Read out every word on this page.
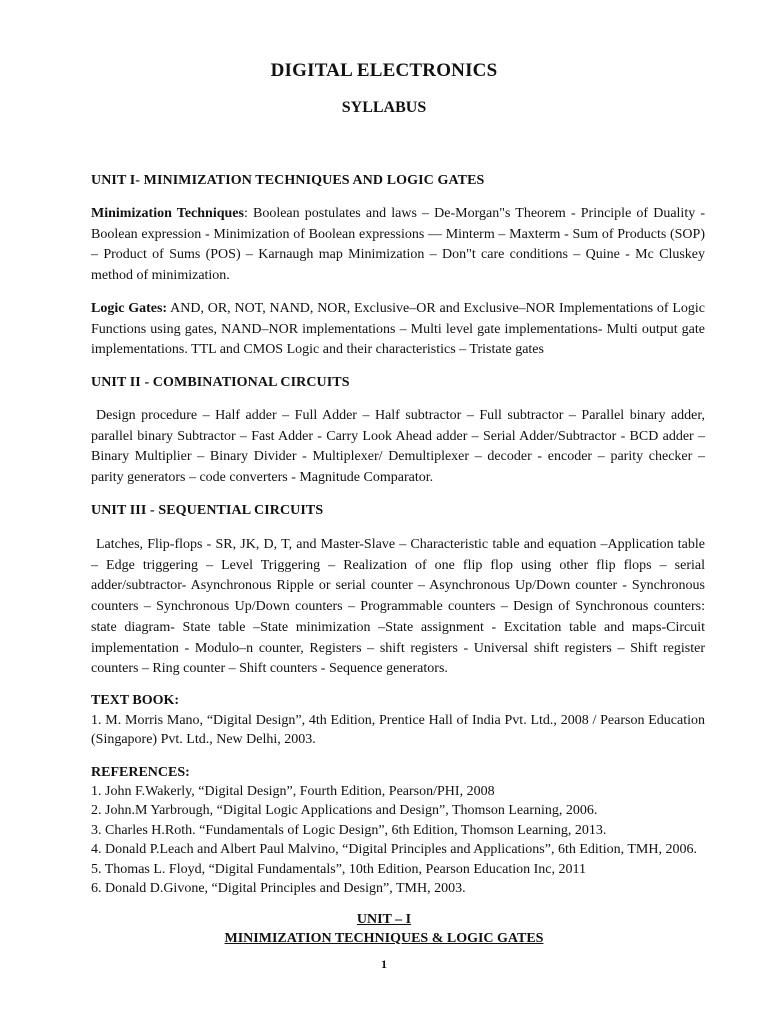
DIGITAL ELECTRONICS
SYLLABUS
UNIT I- MINIMIZATION TECHNIQUES AND LOGIC GATES
Minimization Techniques: Boolean postulates and laws – De-Morgan"s Theorem - Principle of Duality - Boolean expression - Minimization of Boolean expressions –– Minterm – Maxterm - Sum of Products (SOP) – Product of Sums (POS) – Karnaugh map Minimization – Don"t care conditions – Quine - Mc Cluskey method of minimization.
Logic Gates: AND, OR, NOT, NAND, NOR, Exclusive–OR and Exclusive–NOR Implementations of Logic Functions using gates, NAND–NOR implementations – Multi level gate implementations- Multi output gate implementations. TTL and CMOS Logic and their characteristics – Tristate gates
UNIT II - COMBINATIONAL CIRCUITS
Design procedure – Half adder – Full Adder – Half subtractor – Full subtractor – Parallel binary adder, parallel binary Subtractor – Fast Adder - Carry Look Ahead adder – Serial Adder/Subtractor - BCD adder – Binary Multiplier – Binary Divider - Multiplexer/ Demultiplexer – decoder - encoder – parity checker – parity generators – code converters - Magnitude Comparator.
UNIT III - SEQUENTIAL CIRCUITS
Latches, Flip-flops - SR, JK, D, T, and Master-Slave – Characteristic table and equation –Application table – Edge triggering – Level Triggering – Realization of one flip flop using other flip flops – serial adder/subtractor- Asynchronous Ripple or serial counter – Asynchronous Up/Down counter - Synchronous counters – Synchronous Up/Down counters – Programmable counters – Design of Synchronous counters: state diagram- State table –State minimization –State assignment - Excitation table and maps-Circuit implementation - Modulo–n counter, Registers – shift registers - Universal shift registers – Shift register counters – Ring counter – Shift counters - Sequence generators.
TEXT BOOK:
1. M. Morris Mano, “Digital Design”, 4th Edition, Prentice Hall of India Pvt. Ltd., 2008 / Pearson Education (Singapore) Pvt. Ltd., New Delhi, 2003.
REFERENCES:
1. John F.Wakerly, “Digital Design”, Fourth Edition, Pearson/PHI, 2008
2. John.M Yarbrough, “Digital Logic Applications and Design”, Thomson Learning, 2006.
3. Charles H.Roth. “Fundamentals of Logic Design”, 6th Edition, Thomson Learning, 2013.
4. Donald P.Leach and Albert Paul Malvino, “Digital Principles and Applications”, 6th Edition, TMH, 2006.
5. Thomas L. Floyd, “Digital Fundamentals”, 10th Edition, Pearson Education Inc, 2011
6. Donald D.Givone, “Digital Principles and Design”, TMH, 2003.
UNIT – I
MINIMIZATION TECHNIQUES & LOGIC GATES
1
